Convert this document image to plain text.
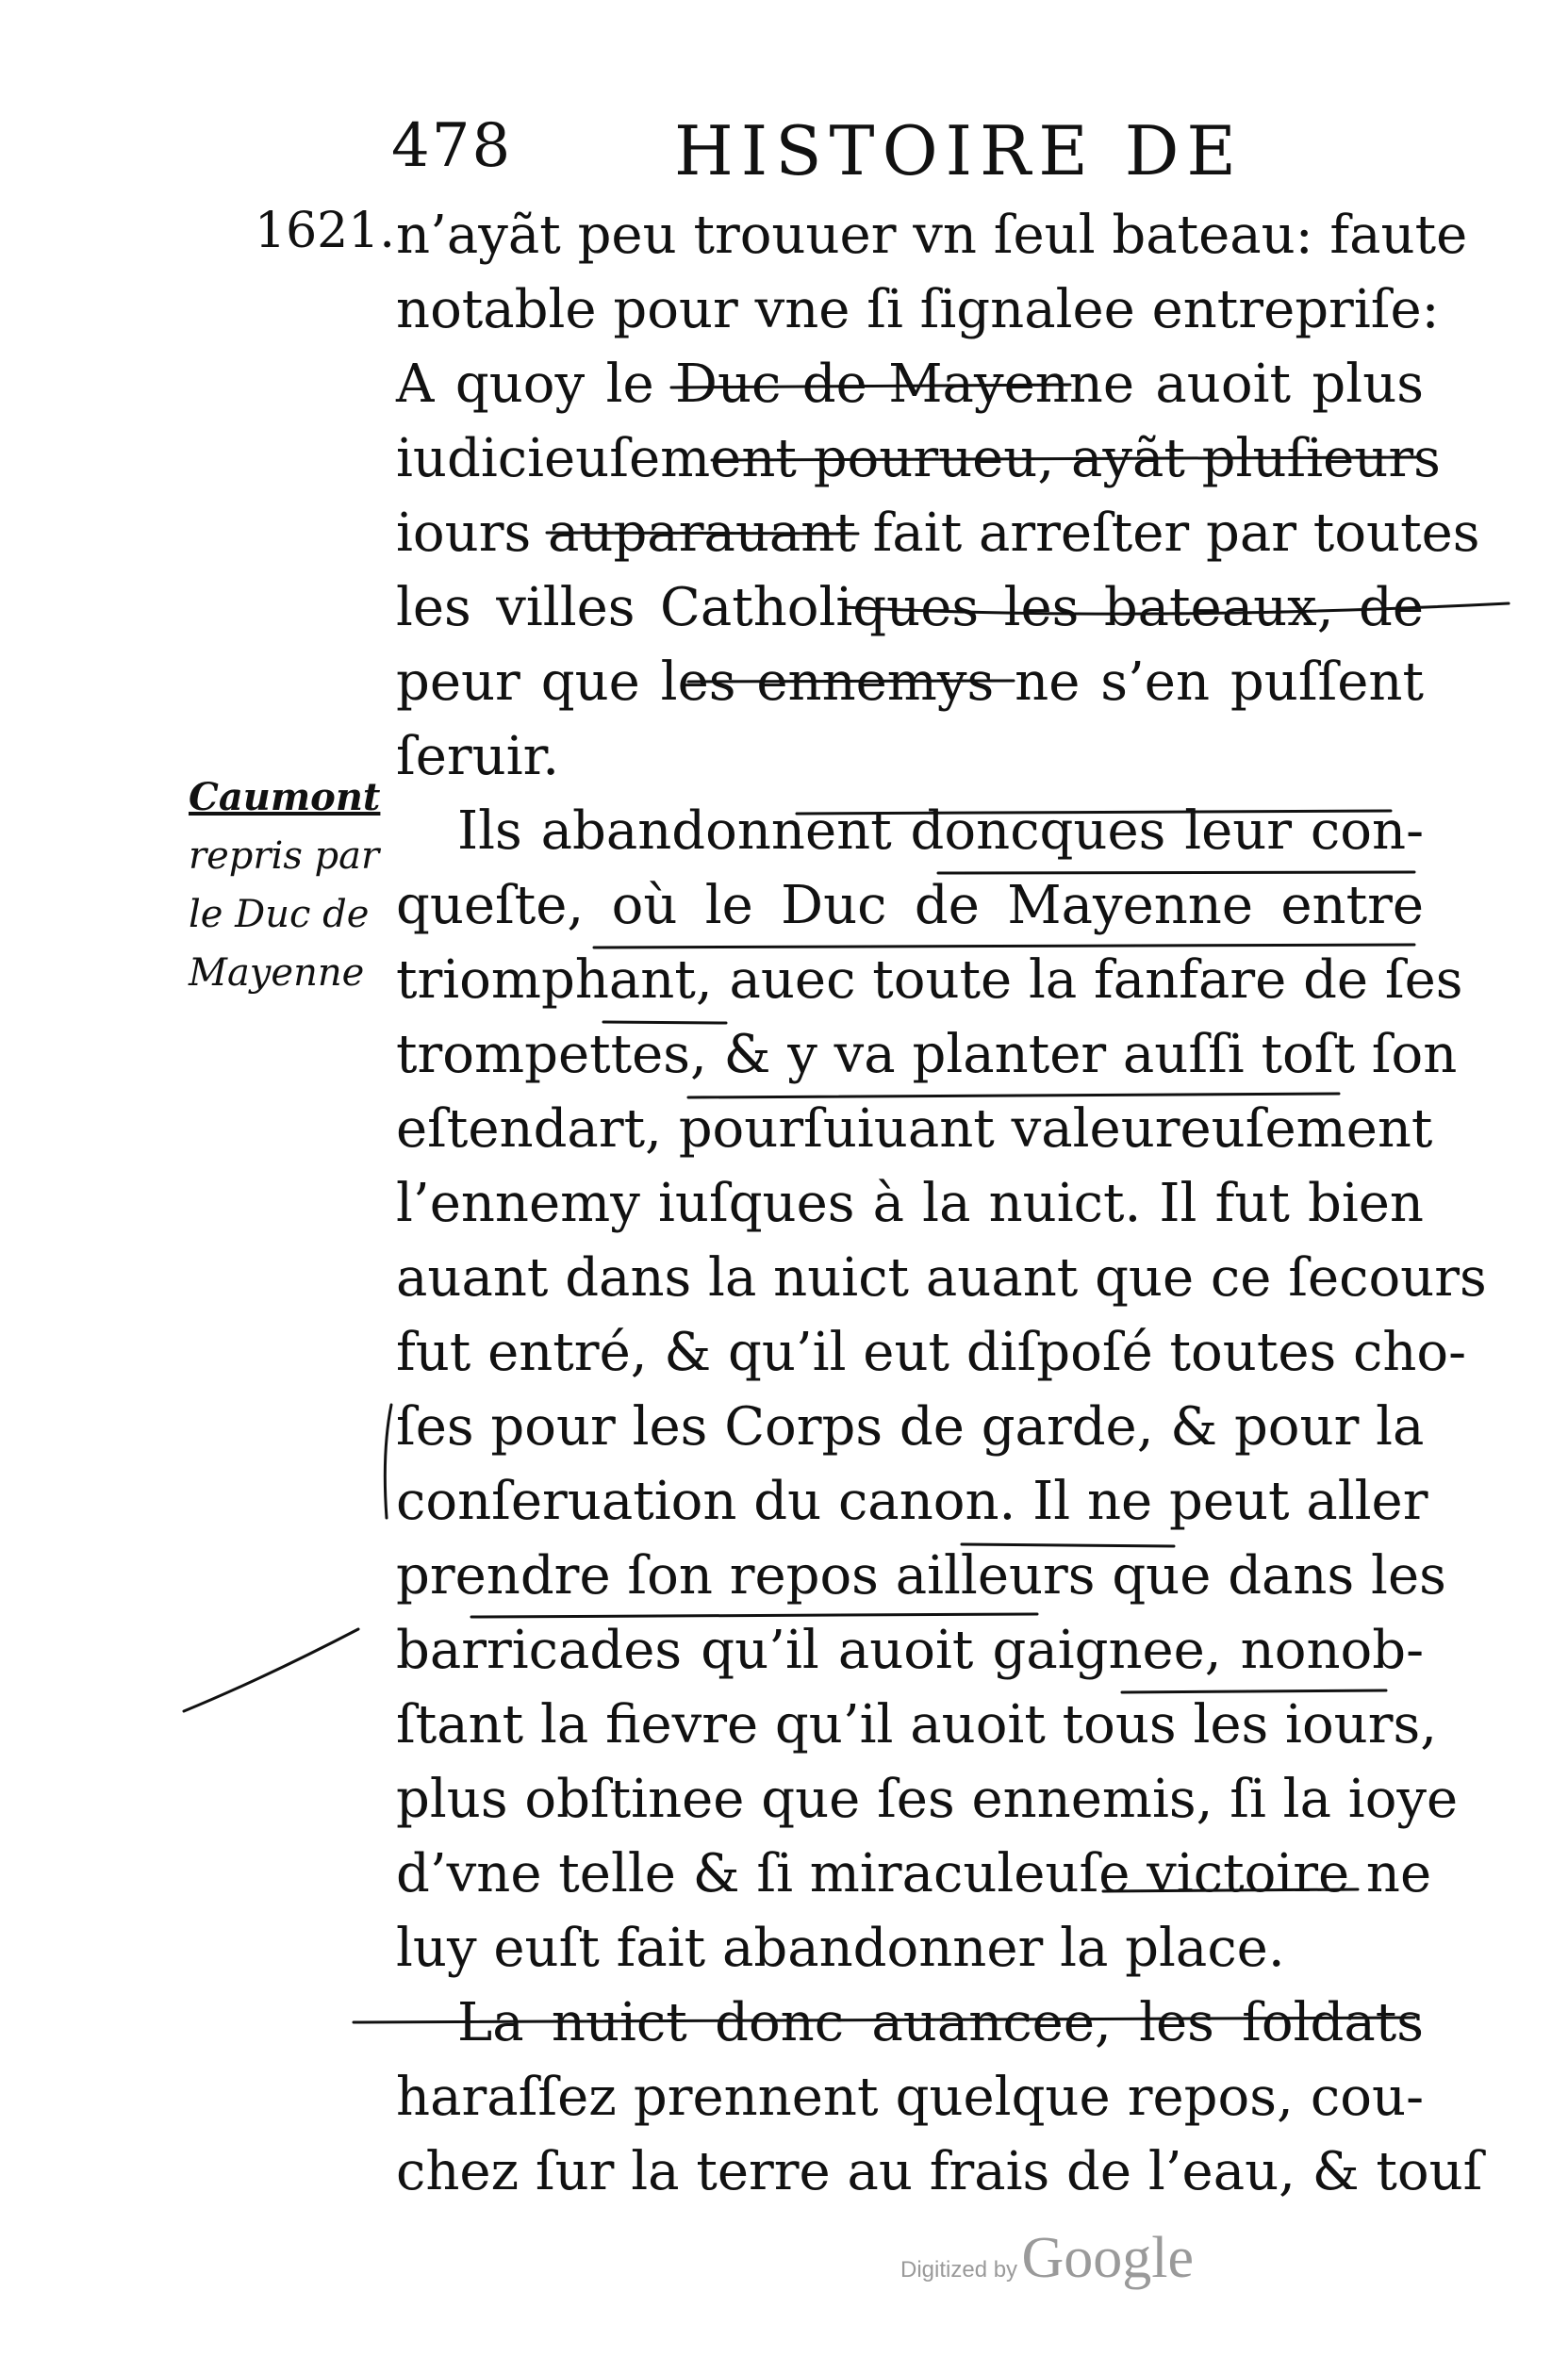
478 HISTOIRE DE
1621.
Caumont
repris par
le Duc de
Mayenne
n’ayãt peu trouuer vn ſeul bateau: faute
notable pour vne ſi ſignalee entrepriſe:
A quoy le Duc de Mayenne auoit plus
iudicieuſement pourueu, ayãt pluſieurs
iours auparauant fait arreſter par toutes
les villes Catholiques les bateaux, de
peur que les ennemys ne s’en puſſent
ſeruir.
Ils abandonnent doncques leur con-
queſte, où le Duc de Mayenne entre
triomphant, auec toute la fanfare de ſes
trompettes, & y va planter auſſi toſt ſon
eſtendart, pourſuiuant valeureuſement
l’ennemy iuſques à la nuict. Il fut bien
auant dans la nuict auant que ce ſecours
fut entré, & qu’il eut diſpoſé toutes cho-
ſes pour les Corps de garde, & pour la
conſeruation du canon. Il ne peut aller
prendre ſon repos ailleurs que dans les
barricades qu’il auoit gaignee, nonob-
ſtant la fievre qu’il auoit tous les iours,
plus obſtinee que ſes ennemis, ſi la ioye
d’vne telle & ſi miraculeuſe victoire ne
luy euſt fait abandonner la place.
La nuict donc auancee, les ſoldats
haraſſez prennent quelque repos, cou-
chez ſur la terre au frais de l’eau, & touſ
Digitized by Google
